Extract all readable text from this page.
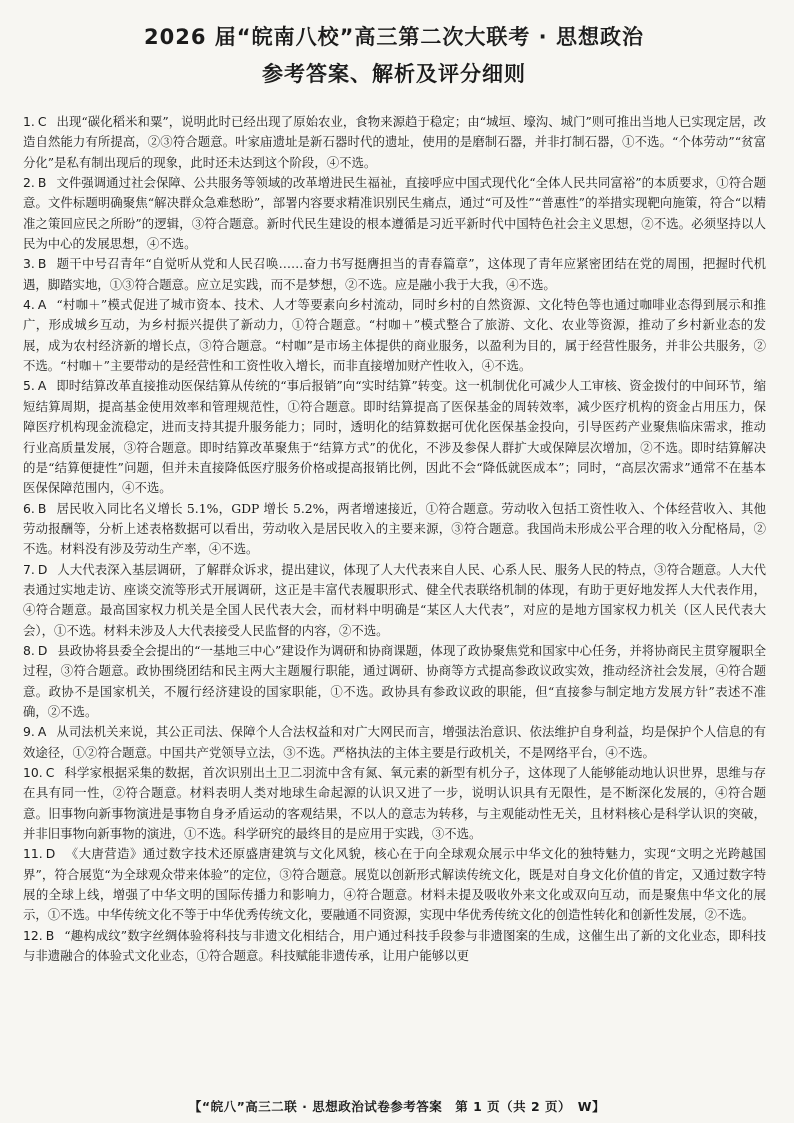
2026 届“皖南八校”高三第二次大联考 · 思想政治
参考答案、解析及评分细则
1. C 出现“碳化稻米和粟”，说明此时已经出现了原始农业，食物来源趋于稳定；由“城垣、壕沟、城门”则可推出当地人已实现定居，改造自然能力有所提高，②③符合题意。叶家庙遗址是新石器时代的遗址，使用的是磨制石器，并非打制石器，①不选。“个体劳动”“贫富分化”是私有制出现后的现象，此时还未达到这个阶段，④不选。
2. B 文件强调通过社会保障、公共服务等领域的改革增进民生福祉，直接呼应中国式现代化“全体人民共同富裕”的本质要求，①符合题意。文件标题明确聚焦“解决群众急难愁盼”，部署内容要求精准识别民生痛点，通过“可及性”“普惠性”的举措实现靶向施策，符合“以精准之策回应民之所盼”的逻辑，③符合题意。新时代民生建设的根本遵循是习近平新时代中国特色社会主义思想，②不选。必须坚持以人民为中心的发展思想，④不选。
3. B 题干中号召青年“自觉听从党和人民召唤……奋力书写挺膺担当的青春篇章”，这体现了青年应紧密团结在党的周围，把握时代机遇，脚踏实地，①③符合题意。应立足实践，而不是梦想，②不选。应是融小我于大我，④不选。
4. A “村咖＋”模式促进了城市资本、技术、人才等要素向乡村流动，同时乡村的自然资源、文化特色等也通过咖啡业态得到展示和推广，形成城乡互动，为乡村振兴提供了新动力，①符合题意。“村咖＋”模式整合了旅游、文化、农业等资源，推动了乡村新业态的发展，成为农村经济新的增长点，③符合题意。“村咖”是市场主体提供的商业服务，以盈利为目的，属于经营性服务，并非公共服务，②不选。“村咖＋”主要带动的是经营性和工资性收入增长，而非直接增加财产性收入，④不选。
5. A 即时结算改革直接推动医保结算从传统的“事后报销”向“实时结算”转变。这一机制优化可减少人工审核、资金拨付的中间环节，缩短结算周期，提高基金使用效率和管理规范性，①符合题意。即时结算提高了医保基金的周转效率，减少医疗机构的资金占用压力，保障医疗机构现金流稳定，进而支持其提升服务能力；同时，透明化的结算数据可优化医保基金投向，引导医药产业聚焦临床需求，推动行业高质量发展，③符合题意。即时结算改革聚焦于“结算方式”的优化，不涉及参保人群扩大或保障层次增加，②不选。即时结算解决的是“结算便捷性”问题，但并未直接降低医疗服务价格或提高报销比例，因此不会“降低就医成本”；同时，“高层次需求”通常不在基本医保保障范围内，④不选。
6. B 居民收入同比名义增长 5.1%，GDP 增长 5.2%，两者增速接近，①符合题意。劳动收入包括工资性收入、个体经营收入、其他劳动报酬等，分析上述表格数据可以看出，劳动收入是居民收入的主要来源，③符合题意。我国尚未形成公平合理的收入分配格局，②不选。材料没有涉及劳动生产率，④不选。
7. D 人大代表深入基层调研，了解群众诉求，提出建议，体现了人大代表来自人民、心系人民、服务人民的特点，③符合题意。人大代表通过实地走访、座谈交流等形式开展调研，这正是丰富代表履职形式、健全代表联络机制的体现，有助于更好地发挥人大代表作用，④符合题意。最高国家权力机关是全国人民代表大会，而材料中明确是“某区人大代表”，对应的是地方国家权力机关（区人民代表大会），①不选。材料未涉及人大代表接受人民监督的内容，②不选。
8. D 县政协将县委全会提出的“一基地三中心”建设作为调研和协商课题，体现了政协聚焦党和国家中心任务，并将协商民主贯穿履职全过程，③符合题意。政协围绕团结和民主两大主题履行职能，通过调研、协商等方式提高参政议政实效，推动经济社会发展，④符合题意。政协不是国家机关，不履行经济建设的国家职能，①不选。政协具有参政议政的职能，但“直接参与制定地方发展方针”表述不准确，②不选。
9. A 从司法机关来说，其公正司法、保障个人合法权益和对广大网民而言，增强法治意识、依法维护自身利益，均是保护个人信息的有效途径，①②符合题意。中国共产党领导立法，③不选。严格执法的主体主要是行政机关，不是网络平台，④不选。
10. C 科学家根据采集的数据，首次识别出土卫二羽流中含有氮、氧元素的新型有机分子，这体现了人能够能动地认识世界，思维与存在具有同一性，②符合题意。材料表明人类对地球生命起源的认识又进了一步，说明认识具有无限性，是不断深化发展的，④符合题意。旧事物向新事物演进是事物自身矛盾运动的客观结果，不以人的意志为转移，与主观能动性无关，且材料核心是科学认识的突破，并非旧事物向新事物的演进，①不选。科学研究的最终目的是应用于实践，③不选。
11. D 《大唐营造》通过数字技术还原盛唐建筑与文化风貌，核心在于向全球观众展示中华文化的独特魅力，实现“文明之光跨越国界”，符合展览“为全球观众带来体验”的定位，③符合题意。展览以创新形式解读传统文化，既是对自身文化价值的肯定，又通过数字特展的全球上线，增强了中华文明的国际传播力和影响力，④符合题意。材料未提及吸收外来文化或双向互动，而是聚焦中华文化的展示，①不选。中华传统文化不等于中华优秀传统文化，要融通不同资源，实现中华优秀传统文化的创造性转化和创新性发展，②不选。
12. B “趣构成纹”数字丝绸体验将科技与非遗文化相结合，用户通过科技手段参与非遗图案的生成，这催生出了新的文化业态，即科技与非遗融合的体验式文化业态，①符合题意。科技赋能非遗传承，让用户能够以更
【“皖八”高三二联 · 思想政治试卷参考答案　第 1 页（共 2 页）　W】
